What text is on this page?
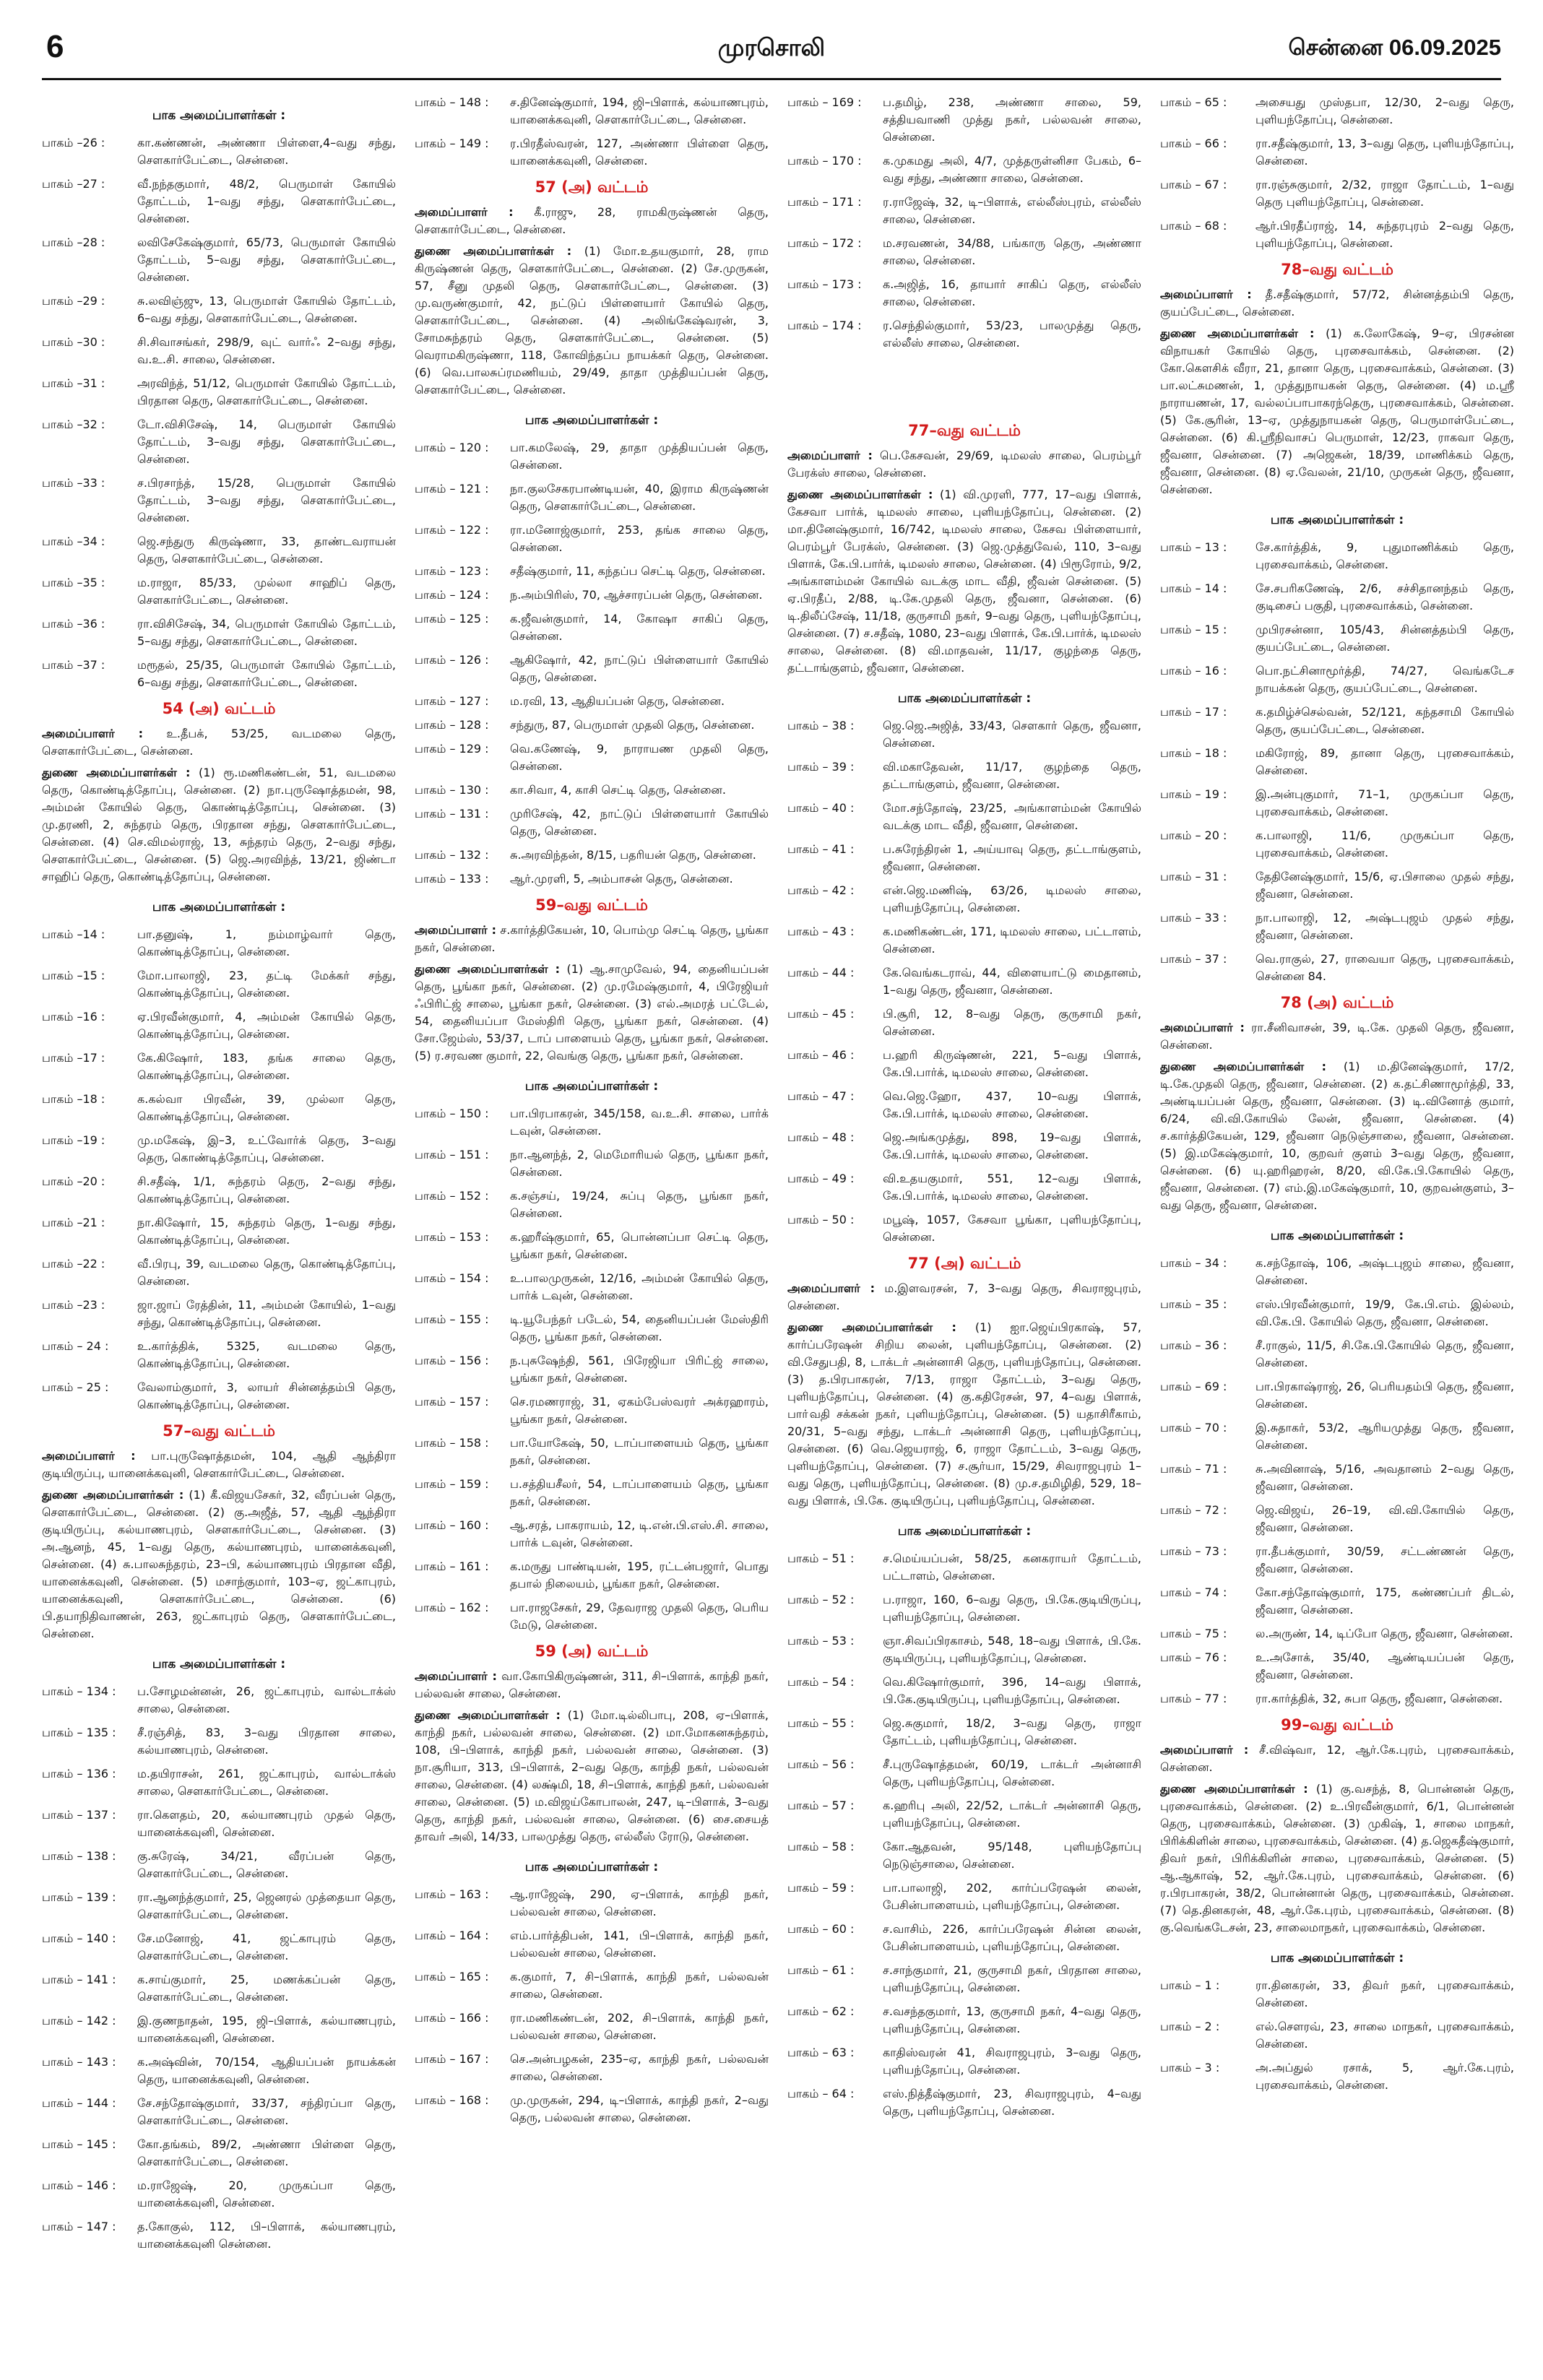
6	முரசொலி	சென்னை 06.09.2025
பாக அமைப்பாளர்கள் :
பாகம் –26 :	கா.கண்ணன், அண்ணா பிள்ளை,4–வது சந்து, சௌகார்பேட்டை, சென்னை.
பாகம் –27 :	வீ.நந்தகுமார், 48/2, பெருமாள் கோயில் தோட்டம், 1–வது சந்து, சௌகார்பேட்டை, சென்னை.
பாகம் –28 :	லவிசேகேஷ்குமார், 65/73, பெருமாள் கோயில் தோட்டம், 5–வது சந்து, சௌகார்பேட்டை, சென்னை.
பாகம் –29 :	சு.லவிஞ்ஜு, 13, பெருமாள் கோயில் தோட்டம், 6–வது சந்து, சௌகார்பேட்டை, சென்னை.
பாகம் –30 :	சி.சிவாசங்கர், 298/9, வுட் வார்ஃ 2–வது சந்து, வ.உ.சி. சாலை, சென்னை.
பாகம் –31 :	அரவிந்த், 51/12, பெருமாள் கோயில் தோட்டம், பிரதான தெரு, சௌகார்பேட்டை, சென்னை.
பாகம் –32 :	டோ.விசிசேஷ், 14, பெருமாள் கோயில் தோட்டம், 3–வது சந்து, சௌகார்பேட்டை, சென்னை.
பாகம் –33 :	ச.பிரசாந்த், 15/28, பெருமாள் கோயில் தோட்டம், 3–வது சந்து, சௌகார்பேட்டை, சென்னை.
பாகம் –34 :	ஜெ.சந்துரு கிருஷ்ணா, 33, தாண்டவராயன் தெரு, சௌகார்பேட்டை, சென்னை.
பாகம் –35 :	ம.ராஜா, 85/33, முல்லா சாஹிப் தெரு, சௌகார்பேட்டை, சென்னை.
பாகம் –36 :	ரா.விசிசேஷ், 34, பெருமாள் கோயில் தோட்டம், 5–வது சந்து, சௌகார்பேட்டை, சென்னை.
பாகம் –37 :	மரூதல், 25/35, பெருமாள் கோயில் தோட்டம், 6–வது சந்து, சௌகார்பேட்டை, சென்னை.
54 (அ) வட்டம்
அமைப்பாளர் : உ.தீபக், 53/25, வடமலை தெரு, சௌகார்பேட்டை, சென்னை.
துணை அமைப்பாளர்கள் : (1) ரூ.மணிகண்டன், 51, வடமலை தெரு, கொண்டித்தோப்பு, சென்னை. (2) நா.புருஷோத்தமன், 98, அம்மன் கோயில் தெரு, கொண்டித்தோப்பு, சென்னை. (3) மு.தரணி, 2, சுந்தரம் தெரு, பிரதான சந்து, சௌகார்பேட்டை, சென்னை. (4) செ.விமல்ராஜ், 13, சுந்தரம் தெரு, 2–வது சந்து, சௌகார்பேட்டை, சென்னை. (5) ஜெ.அரவிந்த், 13/21, ஜிண்டா சாஹிப் தெரு, கொண்டித்தோப்பு, சென்னை.
பாக அமைப்பாளர்கள் :
பாகம் –14 :	பா.தனுஷ், 1, நம்மாழ்வார் தெரு, கொண்டித்தோப்பு, சென்னை.
பாகம் –15 :	மோ.பாலாஜி, 23, தட்டி மேக்கர் சந்து, கொண்டித்தோப்பு, சென்னை.
பாகம் –16 :	ஏ.பிரவீன்குமார், 4, அம்மன் கோயில் தெரு, கொண்டித்தோப்பு, சென்னை.
பாகம் –17 :	கே.கிஷோர், 183, தங்க சாலை தெரு, கொண்டித்தோப்பு, சென்னை.
பாகம் –18 :	க.கல்வா பிரவீன், 39, முல்லா தெரு, கொண்டித்தோப்பு, சென்னை.
பாகம் –19 :	மு.மகேஷ், இ–3, உட்வோர்க் தெரு, 3–வது தெரு, கொண்டித்தோப்பு, சென்னை.
பாகம் –20 :	சி.சதீஷ், 1/1, சுந்தரம் தெரு, 2–வது சந்து, கொண்டித்தோப்பு, சென்னை.
பாகம் –21 :	நா.கிஷோர், 15, சுந்தரம் தெரு, 1–வது சந்து, கொண்டித்தோப்பு, சென்னை.
பாகம் –22 :	வீ.பிரபு, 39, வடமலை தெரு, கொண்டித்தோப்பு, சென்னை.
பாகம் –23 :	ஜா.ஜாப் ரேத்தின், 11, அம்மன் கோயில், 1–வது சந்து, கொண்டித்தோப்பு, சென்னை.
பாகம் – 24 :	உ.கார்த்திக், 5325, வடமலை தெரு, கொண்டித்தோப்பு, சென்னை.
பாகம் – 25 :	வேலாம்குமார், 3, லாயர் சின்னத்தம்பி தெரு, கொண்டித்தோப்பு, சென்னை.
57–வது வட்டம்
அமைப்பாளர் : பா.புருஷோத்தமன், 104, ஆதி ஆந்திரா குடியிருப்பு, யானைக்கவுனி, சௌகார்பேட்டை, சென்னை.
துணை அமைப்பாளர்கள் : (1) கீ.விஜயசேகர், 32, வீரப்பன் தெரு, சௌகார்பேட்டை, சென்னை. (2) கு.அஜீத், 57, ஆதி ஆந்திரா குடியிருப்பு, கல்யாணபுரம், சௌகார்பேட்டை, சென்னை. (3) அ.ஆனந், 45, 1–வது தெரு, கல்யாணபுரம், யானைக்கவுனி, சென்னை. (4) சு.பாலசுந்தரம், 23–பி, கல்யாணபுரம் பிரதான வீதி, யானைக்கவுனி, சென்னை. (5) மசாந்குமார், 103–ஏ, ஜட்காபுரம், யானைக்கவுனி, சௌகார்பேட்டை, சென்னை. (6) பி.தயாநிதிவாணன், 263, ஜட்காபுரம் தெரு, சௌகார்பேட்டை, சென்னை.
பாக அமைப்பாளர்கள் :
பாகம் – 134 :	ப.சோழமன்னன், 26, ஜட்காபுரம், வால்டாக்ஸ் சாலை, சென்னை.
பாகம் – 135 :	சீ.ரஞ்சித், 83, 3–வது பிரதான சாலை, கல்யாணபுரம், சென்னை.
பாகம் – 136 :	ம.தயிராசன், 261, ஜட்காபுரம், வால்டாக்ஸ் சாலை, சௌகார்பேட்டை, சென்னை.
பாகம் – 137 :	ரா.கௌதம், 20, கல்யாணபுரம் முதல் தெரு, யானைக்கவுனி, சென்னை.
பாகம் – 138 :	கு.சுரேஷ், 34/21, வீரப்பன் தெரு, சௌகார்பேட்டை, சென்னை.
பாகம் – 139 :	ரா.ஆனந்த்குமார், 25, ஜெனரல் முத்தையா தெரு, சௌகார்பேட்டை, சென்னை.
பாகம் – 140 :	சே.மனோஜ், 41, ஜட்காபுரம் தெரு, சௌகார்பேட்டை, சென்னை.
பாகம் – 141 :	க.சாய்குமார், 25, மணக்கப்பன் தெரு, சௌகார்பேட்டை, சென்னை.
பாகம் – 142 :	இ.குணநாதன், 195, ஜி–பிளாக், கல்யாணபுரம், யானைக்கவுனி, சென்னை.
பாகம் – 143 :	க.அஷ்வின், 70/154, ஆதியப்பன் நாயக்கன் தெரு, யானைக்கவுனி, சென்னை.
பாகம் – 144 :	சே.சந்தோஷ்குமார், 33/37, சந்திரப்பா தெரு, சௌகார்பேட்டை, சென்னை.
பாகம் – 145 :	கோ.தங்கம், 89/2, அண்ணா பிள்ளை தெரு, சௌகார்பேட்டை, சென்னை.
பாகம் – 146 :	ம.ராஜேஷ், 20, முருகப்பா தெரு, யானைக்கவுனி, சென்னை.
பாகம் – 147 :	த.கோகுல், 112, பி–பிளாக், கல்யாணபுரம், யானைக்கவுனி சென்னை.
பாகம் – 148 :	ச.தினேஷ்குமார், 194, ஜி–பிளாக், கல்யாணபுரம், யானைக்கவுனி, சௌகார்பேட்டை, சென்னை.
பாகம் – 149 :	ர.பிரதீஸ்வரன், 127, அண்ணா பிள்ளை தெரு, யானைக்கவுனி, சென்னை.
57 (அ) வட்டம்
அமைப்பாளர் : கீ.ராஜு, 28, ராமகிருஷ்ணன் தெரு, சௌகார்பேட்டை, சென்னை.
துணை அமைப்பாளர்கள் : (1) மோ.உதயகுமார், 28, ராம கிருஷ்ணன் தெரு, சௌகார்பேட்டை, சென்னை. (2) சே.முருகன், 57, சீனு முதலி தெரு, சௌகார்பேட்டை, சென்னை. (3) மு.வருண்குமார், 42, நட்டுப் பிள்ளையார் கோயில் தெரு, சௌகார்பேட்டை, சென்னை. (4) அலிங்கேஷ்வரன், 3, சோமசுந்தரம் தெரு, சௌகார்பேட்டை, சென்னை. (5) வெராமகிருஷ்ணா, 118, கோவிந்தப்ப நாயக்கர் தெரு, சென்னை. (6) வெ.பாலசுப்ரமணியம், 29/49, தாதா முத்தியப்பன் தெரு, சௌகார்பேட்டை, சென்னை.
பாக அமைப்பாளர்கள் :
பாகம் – 120 :	பா.கமலேஷ், 29, தாதா முத்தியப்பன் தெரு, சென்னை.
பாகம் – 121 :	நா.குலசேகரபாண்டியன், 40, இராம கிருஷ்ணன் தெரு, சௌகார்பேட்டை, சென்னை.
பாகம் – 122 :	ரா.மனோஜ்குமார், 253, தங்க சாலை தெரு, சென்னை.
பாகம் – 123 :	சதீஷ்குமார், 11, கந்தப்ப செட்டி தெரு, சென்னை.
பாகம் – 124 :	ந.அம்பிரிஸ், 70, ஆச்சாரப்பன் தெரு, சென்னை.
பாகம் – 125 :	க.ஜீவன்குமார், 14, கோஷா சாகிப் தெரு, சென்னை.
பாகம் – 126 :	ஆகிஷோர், 42, நாட்டுப் பிள்ளையார் கோயில் தெரு, சென்னை.
பாகம் – 127 :	ம.ரவி, 13, ஆதியப்பன் தெரு, சென்னை.
பாகம் – 128 :	சந்துரு, 87, பெருமாள் முதலி தெரு, சென்னை.
பாகம் – 129 :	வெ.கணேஷ், 9, நாராயண முதலி தெரு, சென்னை.
பாகம் – 130 :	கா.சிவா, 4, காசி செட்டி தெரு, சென்னை.
பாகம் – 131 :	முரிசேஷ், 42, நாட்டுப் பிள்ளையார் கோயில் தெரு, சென்னை.
பாகம் – 132 :	சு.அரவிந்தன், 8/15, பதரியன் தெரு, சென்னை.
பாகம் – 133 :	ஆர்.முரளி, 5, அம்பாசன் தெரு, சென்னை.
59–வது வட்டம்
அமைப்பாளர் : ச.கார்த்திகேயன், 10, பொம்மு செட்டி தெரு, பூங்கா நகர், சென்னை.
துணை அமைப்பாளர்கள் : (1) ஆ.சாமுவேல், 94, தைனியப்பன் தெரு, பூங்கா நகர், சென்னை. (2) மு.ரமேஷ்குமார், 4, பிரேஜியர் ஃபிரிட்ஜ் சாலை, பூங்கா நகர், சென்னை. (3) எல்.அமரத் பட்டேல், 54, தைனியப்பா மேஸ்திரி தெரு, பூங்கா நகர், சென்னை. (4) சோ.ஜேம்ஸ், 53/37, டாப் பாளையம் தெரு, பூங்கா நகர், சென்னை. (5) ர.சரவண குமார், 22, வெங்கு தெரு, பூங்கா நகர், சென்னை.
பாக அமைப்பாளர்கள் :
பாகம் – 150 :	பா.பிரபாகரன், 345/158, வ.உ.சி. சாலை, பார்க் டவுன், சென்னை.
பாகம் – 151 :	நா.ஆனந்த், 2, மெமோரியல் தெரு, பூங்கா நகர், சென்னை.
பாகம் – 152 :	க.சஞ்சய், 19/24, சுப்பு தெரு, பூங்கா நகர், சென்னை.
பாகம் – 153 :	க.ஹரீஷ்குமார், 65, பொன்னப்பா செட்டி தெரு, பூங்கா நகர், சென்னை.
பாகம் – 154 :	உ.பாலமுருகன், 12/16, அம்மன் கோயில் தெரு, பார்க் டவுன், சென்னை.
பாகம் – 155 :	டி.யூபேந்தர் படேல், 54, தைனியப்பன் மேஸ்திரி தெரு, பூங்கா நகர், சென்னை.
பாகம் – 156 :	ந.புசுஷேந்தி, 561, பிரேஜியா பிரிட்ஜ் சாலை, பூங்கா நகர், சென்னை.
பாகம் – 157 :	செ.ரமணராஜ், 31, ஏகம்பேஸ்வரர் அக்ரஹாரம், பூங்கா நகர், சென்னை.
பாகம் – 158 :	பா.யோகேஷ், 50, டாப்பாளையம் தெரு, பூங்கா நகர், சென்னை.
பாகம் – 159 :	ப.சத்தியசீலர், 54, டாப்பாளையம் தெரு, பூங்கா நகர், சென்னை.
பாகம் – 160 :	ஆ.சரத், பாகராயம், 12, டி.என்.பி.எஸ்.சி. சாலை, பார்க் டவுன், சென்னை.
பாகம் – 161 :	க.மருது பாண்டியன், 195, ரட்டன்பஜார், பொது தபால் நிலையம், பூங்கா நகர், சென்னை.
பாகம் – 162 :	பா.ராஜசேகர், 29, தேவராஜ முதலி தெரு, பெரிய மேடு, சென்னை.
59 (அ) வட்டம்
அமைப்பாளர் : வா.கோபிகிருஷ்ணன், 311, சி–பிளாக், காந்தி நகர், பல்லவன் சாலை, சென்னை.
துணை அமைப்பாளர்கள் : (1) மோ.டில்லிபாபு, 208, ஏ–பிளாக், காந்தி நகர், பல்லவன் சாலை, சென்னை. (2) மா.மோகனசுந்தரம், 108, பி–பிளாக், காந்தி நகர், பல்லவன் சாலை, சென்னை. (3) நா.சூரியா, 313, பி–பிளாக், 2–வது தெரு, காந்தி நகர், பல்லவன் சாலை, சென்னை. (4) லக்ஷ்மி, 18, சி–பிளாக், காந்தி நகர், பல்லவன் சாலை, சென்னை. (5) ம.விஜய்கோபாலன், 247, டி–பிளாக், 3–வது தெரு, காந்தி நகர், பல்லவன் சாலை, சென்னை. (6) சை.சையத் தாவர் அலி, 14/33, பாலமுத்து தெரு, எல்லீஸ் ரோடு, சென்னை.
பாக அமைப்பாளர்கள் :
பாகம் – 163 :	ஆ.ராஜேஷ், 290, ஏ–பிளாக், காந்தி நகர், பல்லவன் சாலை, சென்னை.
பாகம் – 164 :	எம்.பார்த்திபன், 141, பி–பிளாக், காந்தி நகர், பல்லவன் சாலை, சென்னை.
பாகம் – 165 :	க.குமார், 7, சி–பிளாக், காந்தி நகர், பல்லவன் சாலை, சென்னை.
பாகம் – 166 :	ரா.மணிகண்டன், 202, சி–பிளாக், காந்தி நகர், பல்லவன் சாலை, சென்னை.
பாகம் – 167 :	செ.அன்பழகன், 235–ஏ, காந்தி நகர், பல்லவன் சாலை, சென்னை.
பாகம் – 168 :	மு.முருகன், 294, டி–பிளாக், காந்தி நகர், 2–வது தெரு, பல்லவன் சாலை, சென்னை.
பாகம் – 169 :	ப.தமிழ், 238, அண்ணா சாலை, 59, சத்தியவாணி முத்து நகர், பல்லவன் சாலை, சென்னை.
பாகம் – 170 :	க.முகமது அலி, 4/7, முத்தருள்னிசா பேகம், 6–வது சந்து, அண்ணா சாலை, சென்னை.
பாகம் – 171 :	ர.ராஜேஷ், 32, டி–பிளாக், எல்லீஸ்புரம், எல்லீஸ் சாலை, சென்னை.
பாகம் – 172 :	ம.சரவணன், 34/88, பங்காரு தெரு, அண்ணா சாலை, சென்னை.
பாகம் – 173 :	க.அஜித், 16, தாயார் சாகிப் தெரு, எல்லீஸ் சாலை, சென்னை.
பாகம் – 174 :	ர.செந்தில்குமார், 53/23, பாலமுத்து தெரு, எல்லீஸ் சாலை, சென்னை.
77–வது வட்டம்
அமைப்பாளர் : பெ.கேசவன், 29/69, டிமலஸ் சாலை, பெரம்பூர் பேரக்ஸ் சாலை, சென்னை.
துணை அமைப்பாளர்கள் : (1) வி.முரளி, 777, 17–வது பிளாக், கேசவா பார்க், டிமலஸ் சாலை, புளியந்தோப்பு, சென்னை. (2) மா.தினேஷ்குமார், 16/742, டிமலஸ் சாலை, கேசவ பிள்ளையார், பெரம்பூர் பேரக்ஸ், சென்னை. (3) ஜெ.முத்துவேல், 110, 3–வது பிளாக், கே.பி.பார்க், டிமலஸ் சாலை, சென்னை. (4) பிரூரோம், 9/2, அங்காளம்மன் கோயில் வடக்கு மாட வீதி, ஜீவன் சென்னை. (5) ஏ.பிரதீப், 2/88, டி.கே.முதலி தெரு, ஜீவனா, சென்னை. (6) டி.திலீப்சேஷ், 11/18, குருசாமி நகர், 9–வது தெரு, புளியந்தோப்பு, சென்னை. (7) ச.சதீஷ், 1080, 23–வது பிளாக், கே.பி.பார்க், டிமலஸ் சாலை, சென்னை. (8) வி.மாதவன், 11/17, குழந்தை தெரு, தட்டாங்குளம், ஜீவனா, சென்னை.
பாக அமைப்பாளர்கள் :
பாகம் – 38 :	ஜெ.ஜெ.அஜித், 33/43, சௌகார் தெரு, ஜீவனா, சென்னை.
பாகம் – 39 :	வி.மகாதேவன், 11/17, குழந்தை தெரு, தட்டாங்குளம், ஜீவனா, சென்னை.
பாகம் – 40 :	மோ.சந்தோஷ், 23/25, அங்காளம்மன் கோயில் வடக்கு மாட வீதி, ஜீவனா, சென்னை.
பாகம் – 41 :	ப.சுரேந்திரன் 1, அய்யாவு தெரு, தட்டாங்குளம், ஜீவனா, சென்னை.
பாகம் – 42 :	என்.ஜெ.மணிஷ், 63/26, டிமலஸ் சாலை, புளியந்தோப்பு, சென்னை.
பாகம் – 43 :	க.மணிகண்டன், 171, டிமலஸ் சாலை, பட்டாளம், சென்னை.
பாகம் – 44 :	கே.வெங்கடராவ், 44, விளையாட்டு மைதானம், 1–வது தெரு, ஜீவனா, சென்னை.
பாகம் – 45 :	பி.சூரி, 12, 8–வது தெரு, குருசாமி நகர், சென்னை.
பாகம் – 46 :	ப.ஹரி கிருஷ்ணன், 221, 5–வது பிளாக், கே.பி.பார்க், டிமலஸ் சாலை, சென்னை.
பாகம் – 47 :	வெ.ஜெ.ஹோ, 437, 10–வது பிளாக், கே.பி.பார்க், டிமலஸ் சாலை, சென்னை.
பாகம் – 48 :	ஜெ.அங்கமுத்து, 898, 19–வது பிளாக், கே.பி.பார்க், டிமலஸ் சாலை, சென்னை.
பாகம் – 49 :	வி.உதயகுமார், 551, 12–வது பிளாக், கே.பி.பார்க், டிமலஸ் சாலை, சென்னை.
பாகம் – 50 :	மபூஷ், 1057, கேசவா பூங்கா, புளியந்தோப்பு, சென்னை.
77 (அ) வட்டம்
அமைப்பாளர் : ம.இளவரசன், 7, 3–வது தெரு, சிவராஜபுரம், சென்னை.
துணை அமைப்பாளர்கள் : (1) ஐா.ஜெய்பிரகாஷ், 57, கார்ப்பரேஷன் சிறிய லைன், புளியந்தோப்பு, சென்னை. (2) வி.சேதுபதி, 8, டாக்டர் அன்னாசி தெரு, புளியந்தோப்பு, சென்னை. (3) த.பிரபாகரன், 7/13, ராஜா தோட்டம், 3–வது தெரு, புளியந்தோப்பு, சென்னை. (4) கு.கதிரேசன், 97, 4–வது பிளாக், பாா்வதி சக்கன் நகர், புளியந்தோப்பு, சென்னை. (5) யதாசிரீகாம், 20/31, 5–வது சந்து, டாக்டர் அன்னாசி தெரு, புளியந்தோப்பு, சென்னை. (6) வெ.ஜெயராஜ், 6, ராஜா தோட்டம், 3–வது தெரு, புளியந்தோப்பு, சென்னை. (7) ச.சூர்யா, 15/29, சிவராஜபுரம் 1–வது தெரு, புளியந்தோப்பு, சென்னை. (8) மு.ச.தமிழிதி, 529, 18–வது பிளாக், பி.கே. குடியிருப்பு, புளியந்தோப்பு, சென்னை.
பாக அமைப்பாளர்கள் :
பாகம் – 51 :	ச.மெய்யப்பன், 58/25, கனகராயர் தோட்டம், பட்டாளம், சென்னை.
பாகம் – 52 :	ப.ராஜா, 160, 6–வது தெரு, பி.கே.குடியிருப்பு, புளியந்தோப்பு, சென்னை.
பாகம் – 53 :	ஞா.சிவப்பிரகாசம், 548, 18–வது பிளாக், பி.கே. குடியிருப்பு, புளியந்தோப்பு, சென்னை.
பாகம் – 54 :	வெ.கிஷோர்குமார், 396, 14–வது பிளாக், பி.கே.குடியிருப்பு, புளியந்தோப்பு, சென்னை.
பாகம் – 55 :	ஜெ.சுகுமார், 18/2, 3–வது தெரு, ராஜா தோட்டம், புளியந்தோப்பு, சென்னை.
பாகம் – 56 :	சீ.புருஷோத்தமன், 60/19, டாக்டர் அன்னாசி தெரு, புளியந்தோப்பு, சென்னை.
பாகம் – 57 :	க.ஹரிபு அலி, 22/52, டாக்டர் அன்னாசி தெரு, புளியந்தோப்பு, சென்னை.
பாகம் – 58 :	கோ.ஆதவன், 95/148, புளியந்தோப்பு நெடுஞ்சாலை, சென்னை.
பாகம் – 59 :	பா.பாலாஜி, 202, கார்ப்பரேஷன் லைன், பேசின்பாளையம், புளியந்தோப்பு, சென்னை.
பாகம் – 60 :	ச.வாசிம், 226, கார்ப்பரேஷன் சின்ன லைன், பேசின்பாளையம், புளியந்தோப்பு, சென்னை.
பாகம் – 61 :	ச.சாந்குமார், 21, குருசாமி நகர், பிரதான சாலை, புளியந்தோப்பு, சென்னை.
பாகம் – 62 :	ச.வசந்தகுமார், 13, குருசாமி நகர், 4–வது தெரு, புளியந்தோப்பு, சென்னை.
பாகம் – 63 :	காதிஸ்வரன் 41, சிவராஜபுரம், 3–வது தெரு, புளியந்தோப்பு, சென்னை.
பாகம் – 64 :	எஸ்.நித்தீஷ்குமார், 23, சிவராஜபுரம், 4–வது தெரு, புளியந்தோப்பு, சென்னை.
பாகம் – 65 :	அசையது முஸ்தபா, 12/30, 2–வது தெரு, புளியந்தோப்பு, சென்னை.
பாகம் – 66 :	ரா.சதீஷ்குமார், 13, 3–வது தெரு, புளியந்தோப்பு, சென்னை.
பாகம் – 67 :	ரா.ரஞ்சுகுமார், 2/32, ராஜா தோட்டம், 1–வது தெரு புளியந்தோப்பு, சென்னை.
பாகம் – 68 :	ஆர்.பிரதீப்ராஜ், 14, சுந்தரபுரம் 2–வது தெரு, புளியந்தோப்பு, சென்னை.
78–வது வட்டம்
அமைப்பாளர் : தீ.சதீஷ்குமார், 57/72, சின்னத்தம்பி தெரு, குயப்பேட்டை, சென்னை.
துணை அமைப்பாளர்கள் : (1) க.லோகேஷ், 9–ஏ, பிரசன்ன விநாயகர் கோயில் தெரு, புரசைவாக்கம், சென்னை. (2) கோ.கௌசிக் வீரா, 21, தானா தெரு, புரசைவாக்கம், சென்னை. (3) பா.லட்சுமணன், 1, முத்துநாயகன் தெரு, சென்னை. (4) ம.ஸ்ரீ நாராயணன், 17, வல்லப்பாபாகரந்தெரு, புரசைவாக்கம், சென்னை. (5) கே.சூரின், 13–ஏ, முத்துநாயகன் தெரு, பெருமாள்பேட்டை, சென்னை. (6) கி.ஸ்ரீநிவாசப் பெருமாள், 12/23, ராகவா தெரு, ஜீவனா, சென்னை. (7) அஜெகன், 18/39, மாணிக்கம் தெரு, ஜீவனா, சென்னை. (8) ஏ.வேலன், 21/10, முருகன் தெரு, ஜீவனா, சென்னை.
பாக அமைப்பாளர்கள் :
பாகம் – 13 :	சே.கார்த்திக், 9, புதுமாணிக்கம் தெரு, புரசைவாக்கம், சென்னை.
பாகம் – 14 :	சே.சபரிகணேஷ், 2/6, சச்சிதானந்தம் தெரு, குடிசைப் பகுதி, புரசைவாக்கம், சென்னை.
பாகம் – 15 :	முபிரசன்னா, 105/43, சின்னத்தம்பி தெரு, குயப்பேட்டை, சென்னை.
பாகம் – 16 :	பொ.நட்சினாமூர்த்தி, 74/27, வெங்கடேச நாயக்கன் தெரு, குயப்பேட்டை, சென்னை.
பாகம் – 17 :	க.தமிழ்ச்செல்வன், 52/121, கந்தசாமி கோயில் தெரு, குயப்பேட்டை, சென்னை.
பாகம் – 18 :	மகிரோஜ், 89, தானா தெரு, புரசைவாக்கம், சென்னை.
பாகம் – 19 :	இ.அன்புகுமார், 71–1, முருகப்பா தெரு, புரசைவாக்கம், சென்னை.
பாகம் – 20 :	க.பாலாஜி, 11/6, முருகப்பா தெரு, புரசைவாக்கம், சென்னை.
பாகம் – 31 :	தேதினேஷ்குமார், 15/6, ஏ.பிசாலை முதல் சந்து, ஜீவனா, சென்னை.
பாகம் – 33 :	நா.பாலாஜி, 12, அஷ்டபுஜம் முதல் சந்து, ஜீவனா, சென்னை.
பாகம் – 37 :	வெ.ராகுல், 27, ராவையா தெரு, புரசைவாக்கம், சென்னை 84.
78 (அ) வட்டம்
அமைப்பாளர் : ரா.சீனிவாசன், 39, டி.கே. முதலி தெரு, ஜீவனா, சென்னை.
துணை அமைப்பாளர்கள் : (1) ம.தினேஷ்குமார், 17/2, டி.கே.முதலி தெரு, ஜீவனா, சென்னை. (2) க.தட்சிணாமூர்த்தி, 33, அண்டியப்பன் தெரு, ஜீவனா, சென்னை. (3) டி.வினோத் குமார், 6/24, வி.வி.கோயில் லேன், ஜீவனா, சென்னை. (4) ச.கார்த்திகேயன், 129, ஜீவனா நெடுஞ்சாலை, ஜீவனா, சென்னை. (5) இ.மகேஷ்குமார், 10, குறவர் குளம் 3–வது தெரு, ஜீவனா, சென்னை. (6) யு.ஹரிஹரன், 8/20, வி.கே.பி.கோயில் தெரு, ஜீவனா, சென்னை. (7) எம்.இ.மகேஷ்குமார், 10, குறவன்குளம், 3–வது தெரு, ஜீவனா, சென்னை.
பாக அமைப்பாளர்கள் :
பாகம் – 34 :	க.சந்தோஷ், 106, அஷ்டபுஜம் சாலை, ஜீவனா, சென்னை.
பாகம் – 35 :	எஸ்.பிரவீன்குமார், 19/9, கே.பி.எம். இல்லம், வி.கே.பி. கோயில் தெரு, ஜீவனா, சென்னை.
பாகம் – 36 :	சீ.ராகுல், 11/5, சி.கே.பி.கோயில் தெரு, ஜீவனா, சென்னை.
பாகம் – 69 :	பா.பிரகாஷ்ராஜ், 26, பெரியதம்பி தெரு, ஜீவனா, சென்னை.
பாகம் – 70 :	இ.சுதாகர், 53/2, ஆரியமுத்து தெரு, ஜீவனா, சென்னை.
பாகம் – 71 :	சு.அவினாஷ், 5/16, அவதானம் 2–வது தெரு, ஜீவனா, சென்னை.
பாகம் – 72 :	ஜெ.விஜய், 26–19, வி.வி.கோயில் தெரு, ஜீவனா, சென்னை.
பாகம் – 73 :	ரா.தீபக்குமார், 30/59, சட்டண்ணன் தெரு, ஜீவனா, சென்னை.
பாகம் – 74 :	கோ.சந்தோஷ்குமார், 175, கண்ணப்பர் திடல், ஜீவனா, சென்னை.
பாகம் – 75 :	ல.அருண், 14, டிப்போ தெரு, ஜீவனா, சென்னை.
பாகம் – 76 :	உ.அசோக், 35/40, ஆண்டியப்பன் தெரு, ஜீவனா, சென்னை.
பாகம் – 77 :	ரா.கார்த்திக், 32, சுபா தெரு, ஜீவனா, சென்னை.
99–வது வட்டம்
அமைப்பாளர் : சீ.விஷ்வா, 12, ஆர்.கே.புரம், புரசைவாக்கம், சென்னை.
துணை அமைப்பாளர்கள் : (1) கு.வசந்த், 8, பொன்னன் தெரு, புரசைவாக்கம், சென்னை. (2) உ.பிரவீன்குமார், 6/1, பொன்னன் தெரு, புரசைவாக்கம், சென்னை. (3) முகிஷ், 1, சாலை மாநகர், பிரிக்கிளின் சாலை, புரசைவாக்கம், சென்னை. (4) த.ஜெகதீஷ்குமார், திவர் நகர், பிரிக்கிளின் சாலை, புரசைவாக்கம், சென்னை. (5) ஆ.ஆகாஷ், 52, ஆர்.கே.புரம், புரசைவாக்கம், சென்னை. (6) ர.பிரபாகரன், 38/2, பொன்னான் தெரு, புரசைவாக்கம், சென்னை. (7) தெ.தினகரன், 48, ஆர்.கே.புரம், புரசைவாக்கம், சென்னை. (8) கு.வெங்கடேசன், 23, சாலைமாநகர், புரசைவாக்கம், சென்னை.
பாக அமைப்பாளர்கள் :
பாகம் – 1 :	ரா.தினகரன், 33, திவர் நகர், புரசைவாக்கம், சென்னை.
பாகம் – 2 :	எல்.சௌரவ், 23, சாலை மாநகர், புரசைவாக்கம், சென்னை.
பாகம் – 3 :	அ.அப்துல் ரசாக், 5, ஆர்.கே.புரம், புரசைவாக்கம், சென்னை.
